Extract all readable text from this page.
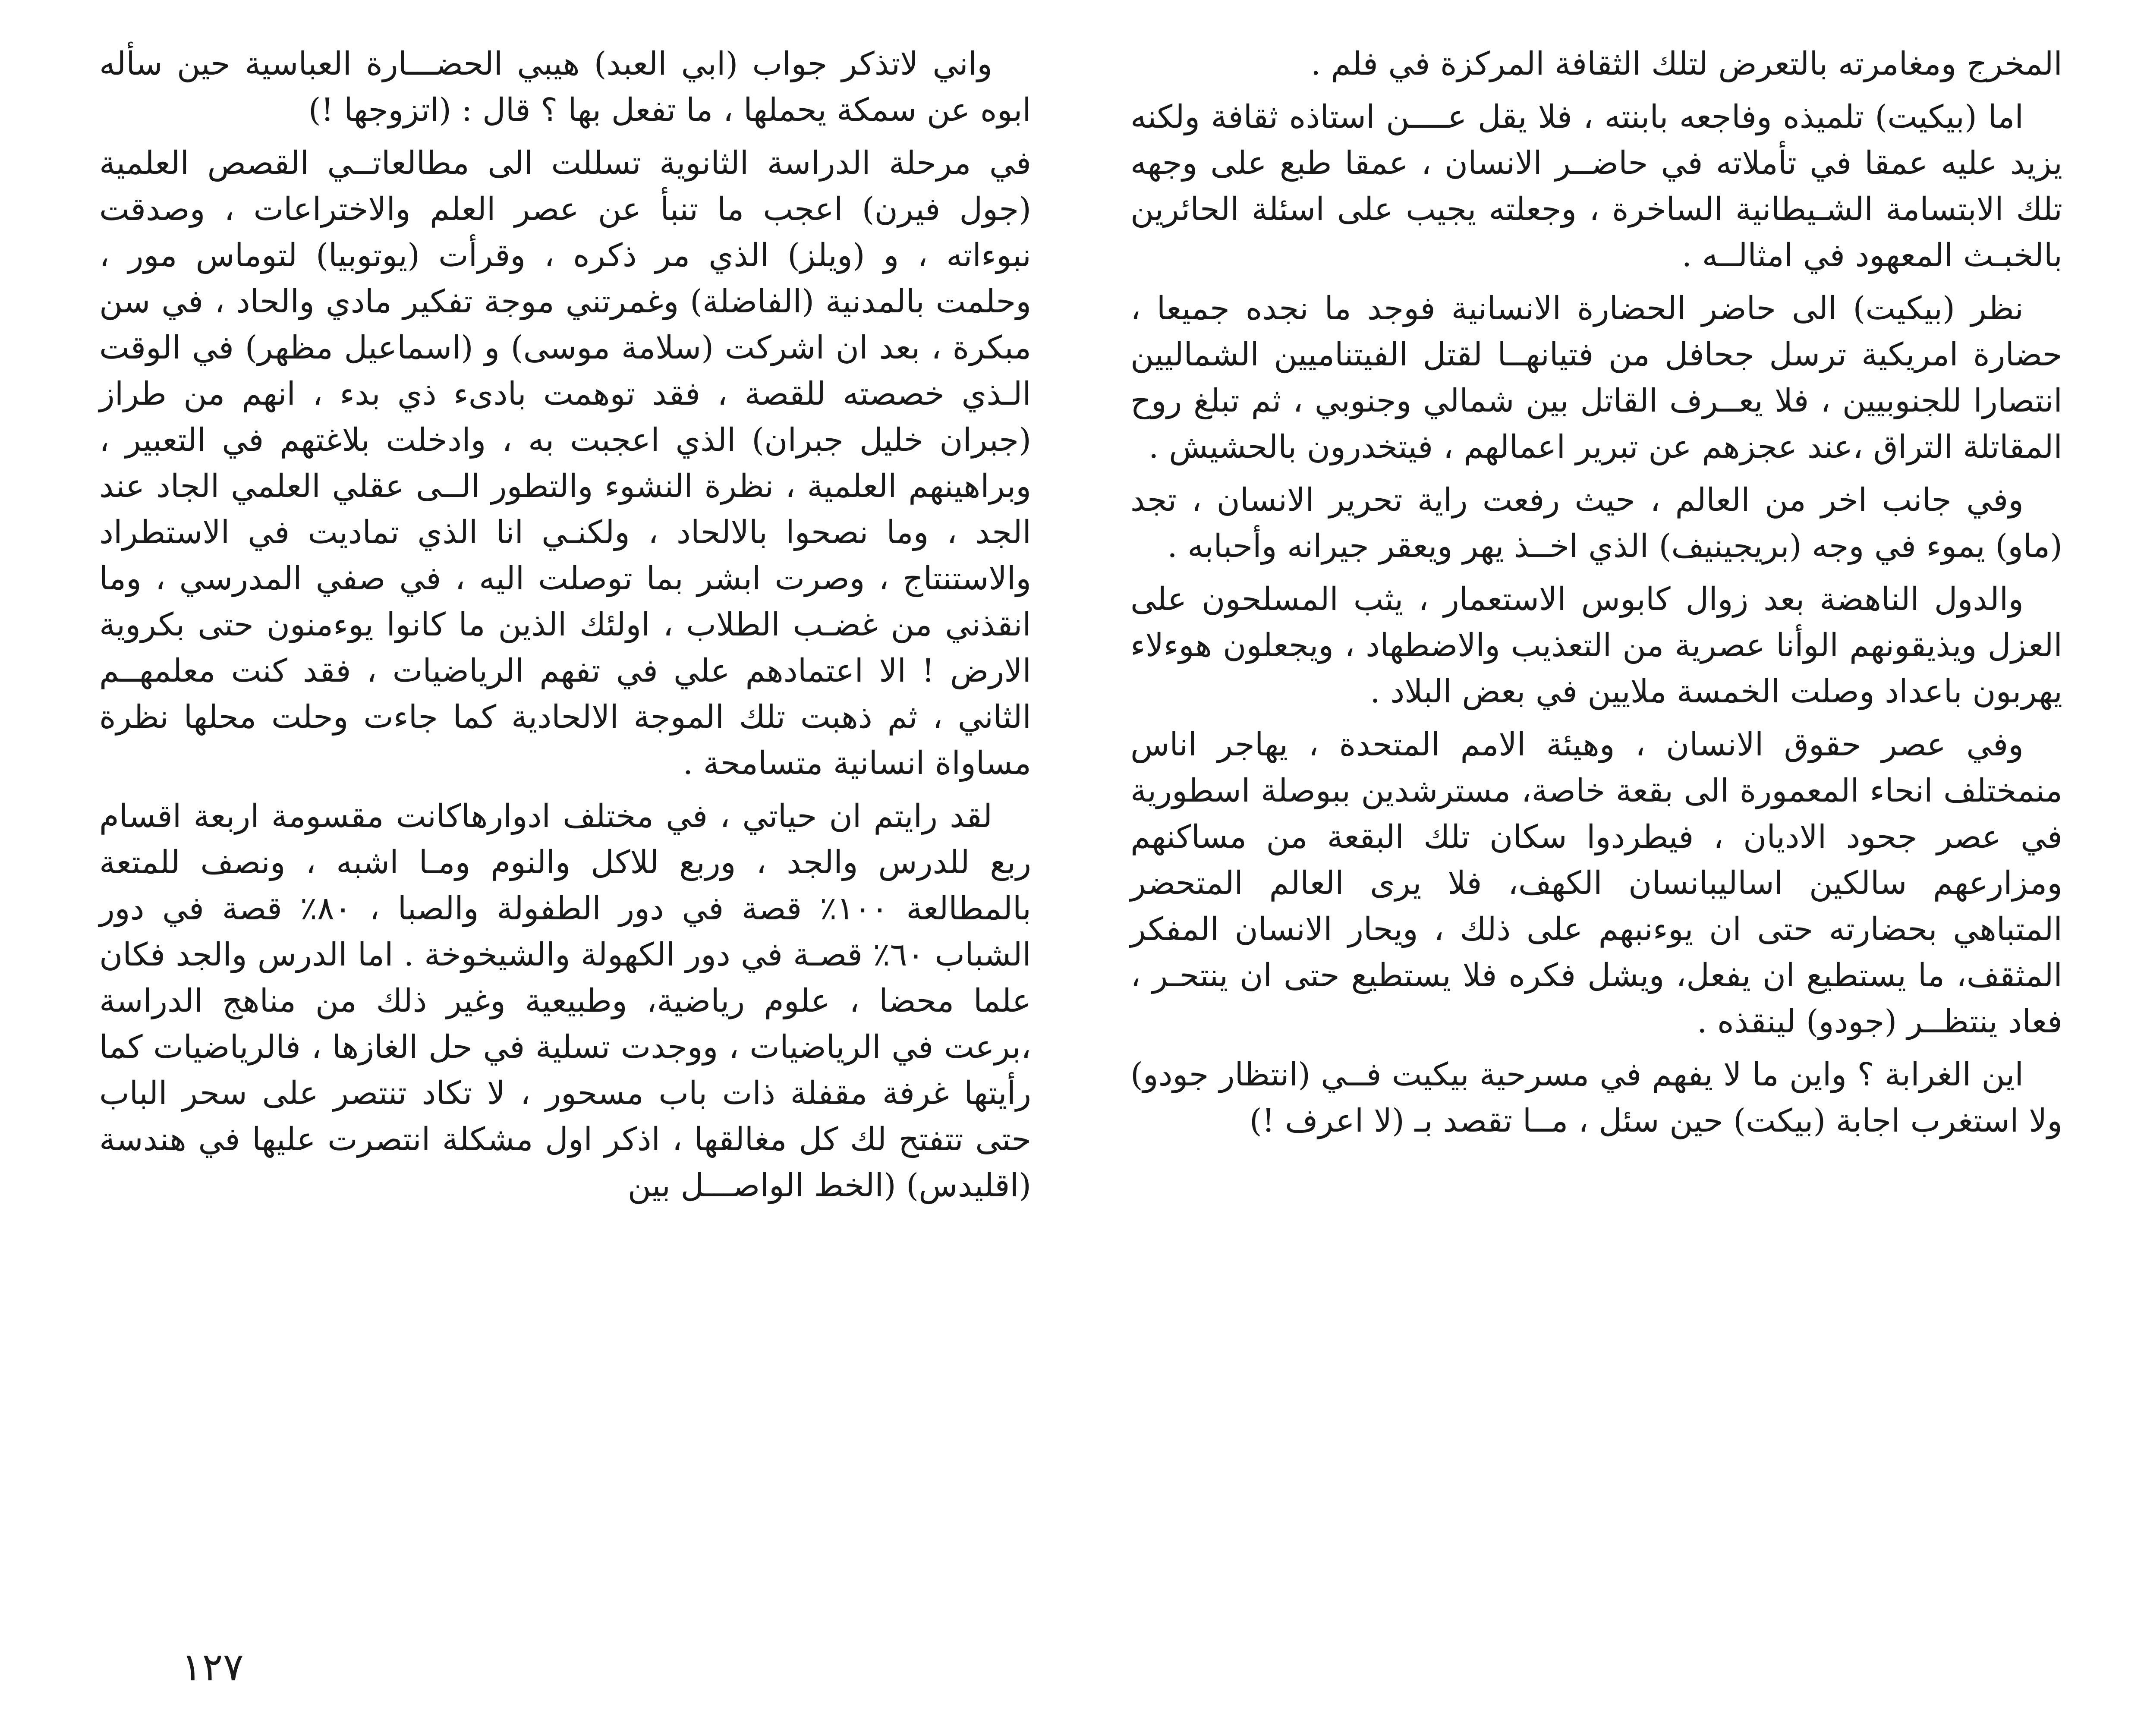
المخرج ومغامرته بالتعرض لتلك الثقافة المركزة في فلم .

اما (بيكيت) تلميذه وفاجعه بابنته ، فلا يقل عــــن استاذه ثقافة ولكنه يزيد عليه عمقا في تأملاته في حاضــر الانسان ، عمقا طبع على وجهه تلك الابتسامة الشـيطانية الساخرة ، وجعلته يجيب على اسئلة الحائرين بالخبـث المعهود في امثالــه .

نظر (بيكيت) الى حاضر الحضارة الانسانية فوجد ما نجده جميعا ، حضارة امريكية ترسل جحافل من فتيانهــا لقتل الفيتناميين الشماليين انتصارا للجنوبيين ، فلا يعــرف القاتل بين شمالي وجنوبي ، ثم تبلغ روح المقاتلة التراق ،عند عجزهم عن تبرير اعمالهم ، فيتخدرون بالحشيش .

وفي جانب اخر من العالم ، حيث رفعت راية تحرير الانسان ، تجد (ماو) يموء في وجه (بريجينيف) الذي اخــذ يهر ويعقر جيرانه وأحبابه .

والدول الناهضة بعد زوال كابوس الاستعمار ، يثب المسلحون على العزل ويذيقونهم الوأنا عصرية من التعذيب والاضطهاد ، ويجعلون هوءلاء يهربون باعداد وصلت الخمسة ملايين في بعض البلاد .

وفي عصر حقوق الانسان ، وهيئة الامم المتحدة ، يهاجر اناس منمختلف انحاء المعمورة الى بقعة خاصة، مسترشدين ببوصلة اسطورية في عصر جحود الاديان ، فيطردوا سكان تلك البقعة من مساكنهم ومزارعهم سالكين اساليبانسان الكهف، فلا يرى العالم المتحضر المتباهي بحضارته حتى ان يوءنبهم على ذلك ، ويحار الانسان المفكر المثقف، ما يستطيع ان يفعل، ويشل فكره فلا يستطيع حتى ان ينتحـر ، فعاد ينتظــر (جودو) لينقذه .

اين الغرابة ؟ واين ما لا يفهم في مسرحية بيكيت فــي (انتظار جودو) ولا استغرب اجابة (بيكت) حين سئل ، مــا تقصد بـ (لا اعرف !)

واني لاتذكر جواب (ابي العبد) هيبي الحضـــارة العباسية حين سأله ابوه عن سمكة يحملها ، ما تفعل بها ؟ قال : (اتزوجها !)

في مرحلة الدراسة الثانوية تسللت الى مطالعاتــي القصص العلمية (جول فيرن) اعجب ما تنبأ عن عصر العلم والاختراعات ، وصدقت نبوءاته ، و (ويلز) الذي مر ذكره ، وقرأت (يوتوبيا) لتوماس مور ، وحلمت بالمدنية (الفاضلة) وغمرتني موجة تفكير مادي والحاد ، في سن مبكرة ، بعد ان اشركت (سلامة موسى) و (اسماعيل مظهر) في الوقت الـذي خصصته للقصة ، فقد توهمت بادىء ذي بدء ، انهم من طراز (جبران خليل جبران) الذي اعجبت به ، وادخلت بلاغتهم في التعبير ، وبراهينهم العلمية ، نظرة النشوء والتطور الــى عقلي العلمي الجاد عند الجد ، وما نصحوا بالالحاد ، ولكنـي انا الذي تماديت في الاستطراد والاستنتاج ، وصرت ابشر بما توصلت اليه ، في صفي المدرسي ، وما انقذني من غضـب الطلاب ، اولئك الذين ما كانوا يوءمنون حتى بكروية الارض ! الا اعتمادهم علي في تفهم الرياضيات ، فقد كنت معلمهــم الثاني ، ثم ذهبت تلك الموجة الالحادية كما جاءت وحلت محلها نظرة مساواة انسانية متسامحة .

لقد رايتم ان حياتي ، في مختلف ادوارهاكانت مقسومة اربعة اقسام ربع للدرس والجد ، وربع للاكل والنوم ومـا اشبه ، ونصف للمتعة بالمطالعة ١٠٠٪ قصة في دور الطفولة والصبا ، ٨٠٪ قصة في دور الشباب ٦٠٪ قصـة في دور الكهولة والشيخوخة . اما الدرس والجد فكان علما محضا ، علوم رياضية، وطبيعية وغير ذلك من مناهج الدراسة ،برعت في الرياضيات ، ووجدت تسلية في حل الغازها ، فالرياضيات كما رأيتها غرفة مقفلة ذات باب مسحور ، لا تكاد تنتصر على سحر الباب حتى تتفتح لك كل مغالقها ، اذكر اول مشكلة انتصرت عليها في هندسة (اقليدس) (الخط الواصـــل بين

١٢٧
